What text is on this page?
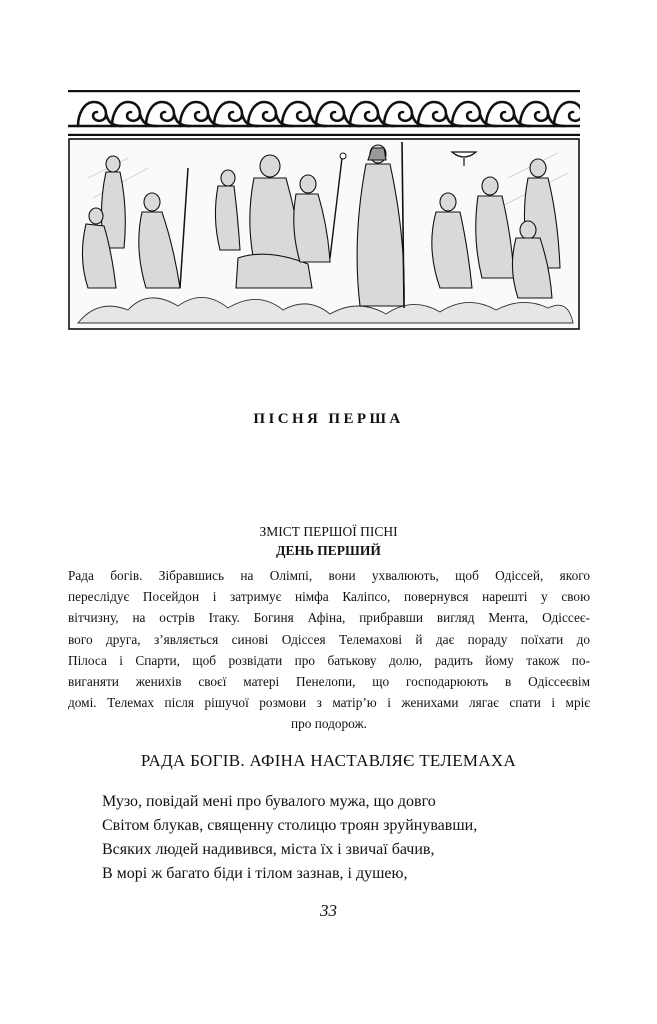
ПІСНЯ ПЕРША
ЗМІСТ ПЕРШОЇ ПІСНІ
ДЕНЬ ПЕРШИЙ
Рада богів. Зібравшись на Олімпі, вони ухвалюють, щоб Одіссей, якого
переслідує Посейдон і затримує німфа Каліпсо, повернувся нарешті у свою
вітчизну, на острів Ітаку. Богиня Афіна, прибравши вигляд Мента, Одіссеє-
вого друга, з’являється синові Одіссея Телемахові й дає пораду поїхати до
Пілоса і Спарти, щоб розвідати про батькову долю, радить йому також по-
виганяти женихів своєї матері Пенелопи, що господарюють в Одіссеєвім
домі. Телемах після рішучої розмови з матір’ю і женихами лягає спати і мріє
про подорож.
РАДА БОГІВ. АФІНА НАСТАВЛЯЄ ТЕЛЕМАХА
Музо, повідай мені про бувалого мужа, що довго
Світом блукав, священну столицю троян зруйнувавши,
Всяких людей надивився, міста їх і звичаї бачив,
В морі ж багато біди і тілом зазнав, і душею,
33
